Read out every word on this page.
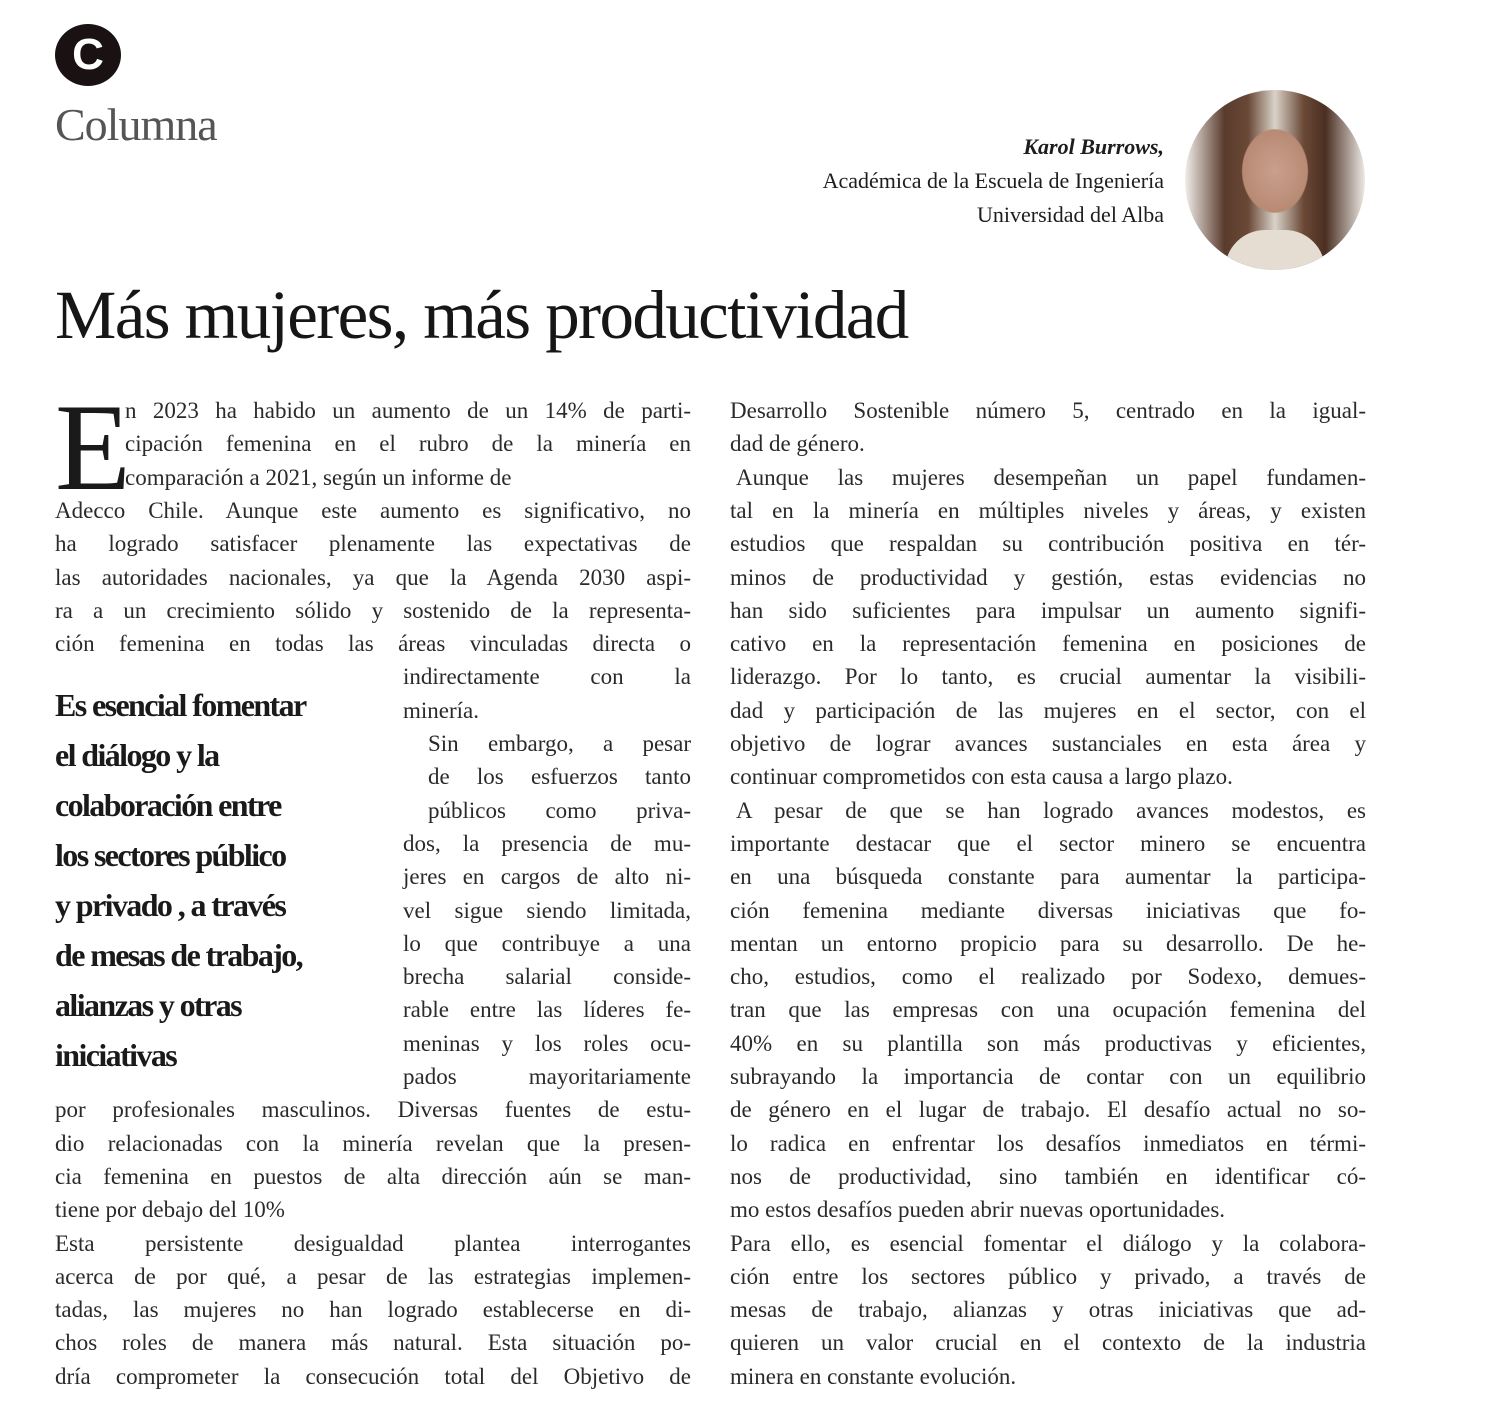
C
Columna	Karol Burrows,
Académica de la Escuela de Ingeniería
Universidad del Alba
Más mujeres, más productividad
E
n 2023 ha habido un aumento de un 14% de parti-
cipación femenina en el rubro de la minería en
comparación a 2021, según un informe de
Adecco Chile. Aunque este aumento es significativo, no
ha logrado satisfacer plenamente las expectativas de
las autoridades nacionales, ya que la Agenda 2030 aspi-
ra a un crecimiento sólido y sostenido de la representa-
ción femenina en todas las áreas vinculadas directa o
indirectamente con la
minería.
Sin embargo, a pesar
de los esfuerzos tanto
públicos como priva-
dos, la presencia de mu-
jeres en cargos de alto ni-
vel sigue siendo limitada,
lo que contribuye a una
brecha salarial conside-
rable entre las líderes fe-
meninas y los roles ocu-
pados mayoritariamente
por profesionales masculinos. Diversas fuentes de estu-
dio relacionadas con la minería revelan que la presen-
cia femenina en puestos de alta dirección aún se man-
tiene por debajo del 10%
Esta persistente desigualdad plantea interrogantes
acerca de por qué, a pesar de las estrategias implemen-
tadas, las mujeres no han logrado establecerse en di-
chos roles de manera más natural. Esta situación po-
dría comprometer la consecución total del Objetivo de
Desarrollo Sostenible número 5, centrado en la igual-
dad de género.
Aunque las mujeres desempeñan un papel fundamen-
tal en la minería en múltiples niveles y áreas, y existen
estudios que respaldan su contribución positiva en tér-
minos de productividad y gestión, estas evidencias no
han sido suficientes para impulsar un aumento signifi-
cativo en la representación femenina en posiciones de
liderazgo. Por lo tanto, es crucial aumentar la visibili-
dad y participación de las mujeres en el sector, con el
objetivo de lograr avances sustanciales en esta área y
continuar comprometidos con esta causa a largo plazo.
A pesar de que se han logrado avances modestos, es
importante destacar que el sector minero se encuentra
en una búsqueda constante para aumentar la participa-
ción femenina mediante diversas iniciativas que fo-
mentan un entorno propicio para su desarrollo. De he-
cho, estudios, como el realizado por Sodexo, demues-
tran que las empresas con una ocupación femenina del
40% en su plantilla son más productivas y eficientes,
subrayando la importancia de contar con un equilibrio
de género en el lugar de trabajo. El desafío actual no so-
lo radica en enfrentar los desafíos inmediatos en térmi-
nos de productividad, sino también en identificar có-
mo estos desafíos pueden abrir nuevas oportunidades.
Para ello, es esencial fomentar el diálogo y la colabora-
ción entre los sectores público y privado, a través de
mesas de trabajo, alianzas y otras iniciativas que ad-
quieren un valor crucial en el contexto de la industria
minera en constante evolución.
Es esencial fomentar
el diálogo y la
colaboración entre
los sectores público
y privado , a través
de mesas de trabajo,
alianzas y otras
iniciativas
